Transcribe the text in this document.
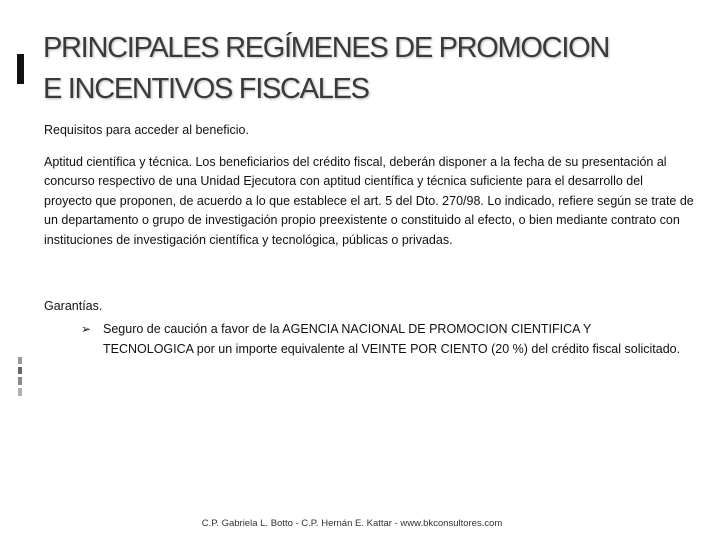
PRINCIPALES REGÍMENES DE PROMOCION
E INCENTIVOS FISCALES

Requisitos para acceder al beneficio.

Aptitud científica y técnica. Los beneficiarios del crédito fiscal, deberán disponer a la fecha de su presentación al concurso respectivo de una Unidad Ejecutora con aptitud científica y técnica suficiente para el desarrollo del proyecto que proponen, de acuerdo a lo que establece el art. 5 del Dto. 270/98. Lo indicado, refiere según se trate de un departamento o grupo de investigación propio preexistente o constituido al efecto, o bien mediante contrato con instituciones de investigación científica y tecnológica, públicas o privadas.

Garantías.
➢ Seguro de caución a favor de la AGENCIA NACIONAL DE PROMOCION CIENTIFICA Y TECNOLOGICA por un importe equivalente al VEINTE POR CIENTO (20 %) del crédito fiscal solicitado.
C.P. Gabriela L. Botto - C.P. Hernán E. Kattar - www.bkconsultores.com
